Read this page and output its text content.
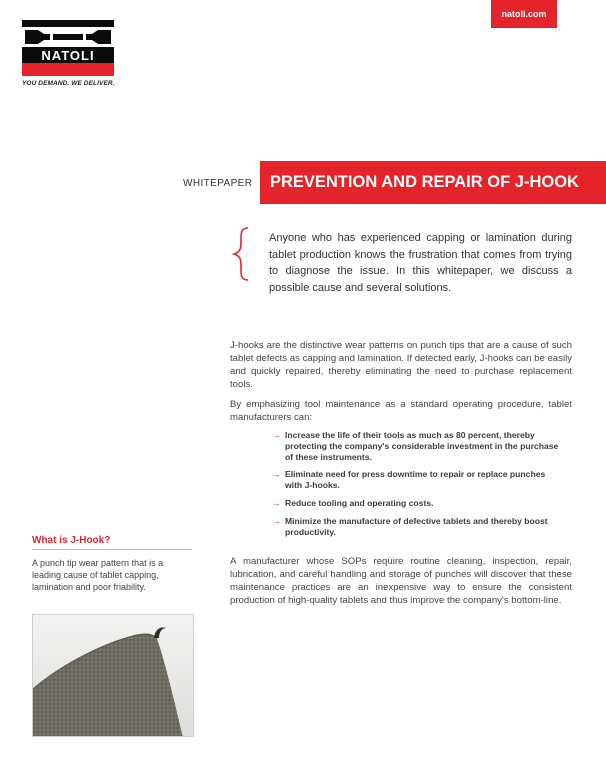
NATOLI
YOU DEMAND. WE DELIVER.
natoli.com
WHITEPAPER PREVENTION AND REPAIR OF J-HOOK
Anyone who has experienced capping or lamination during tablet production knows the frustration that comes from trying to diagnose the issue. In this whitepaper, we discuss a possible cause and several solutions.
J-hooks are the distinctive wear patterns on punch tips that are a cause of such tablet defects as capping and lamination. If detected early, J-hooks can be easily and quickly repaired, thereby eliminating the need to purchase replacement tools.
By emphasizing tool maintenance as a standard operating procedure, tablet manufacturers can:
→ Increase the life of their tools as much as 80 percent, thereby protecting the company's considerable investment in the purchase of these instruments.
→ Eliminate need for press downtime to repair or replace punches with J-hooks.
→ Reduce tooling and operating costs.
→ Minimize the manufacture of defective tablets and thereby boost productivity.
A manufacturer whose SOPs require routine cleaning, inspection, repair, lubrication, and careful handling and storage of punches will discover that these maintenance practices are an inexpensive way to ensure the consistent production of high-quality tablets and thus improve the company's bottom-line.
What is J-Hook?
A punch tip wear pattern that is a leading cause of tablet capping, lamination and poor friability.
